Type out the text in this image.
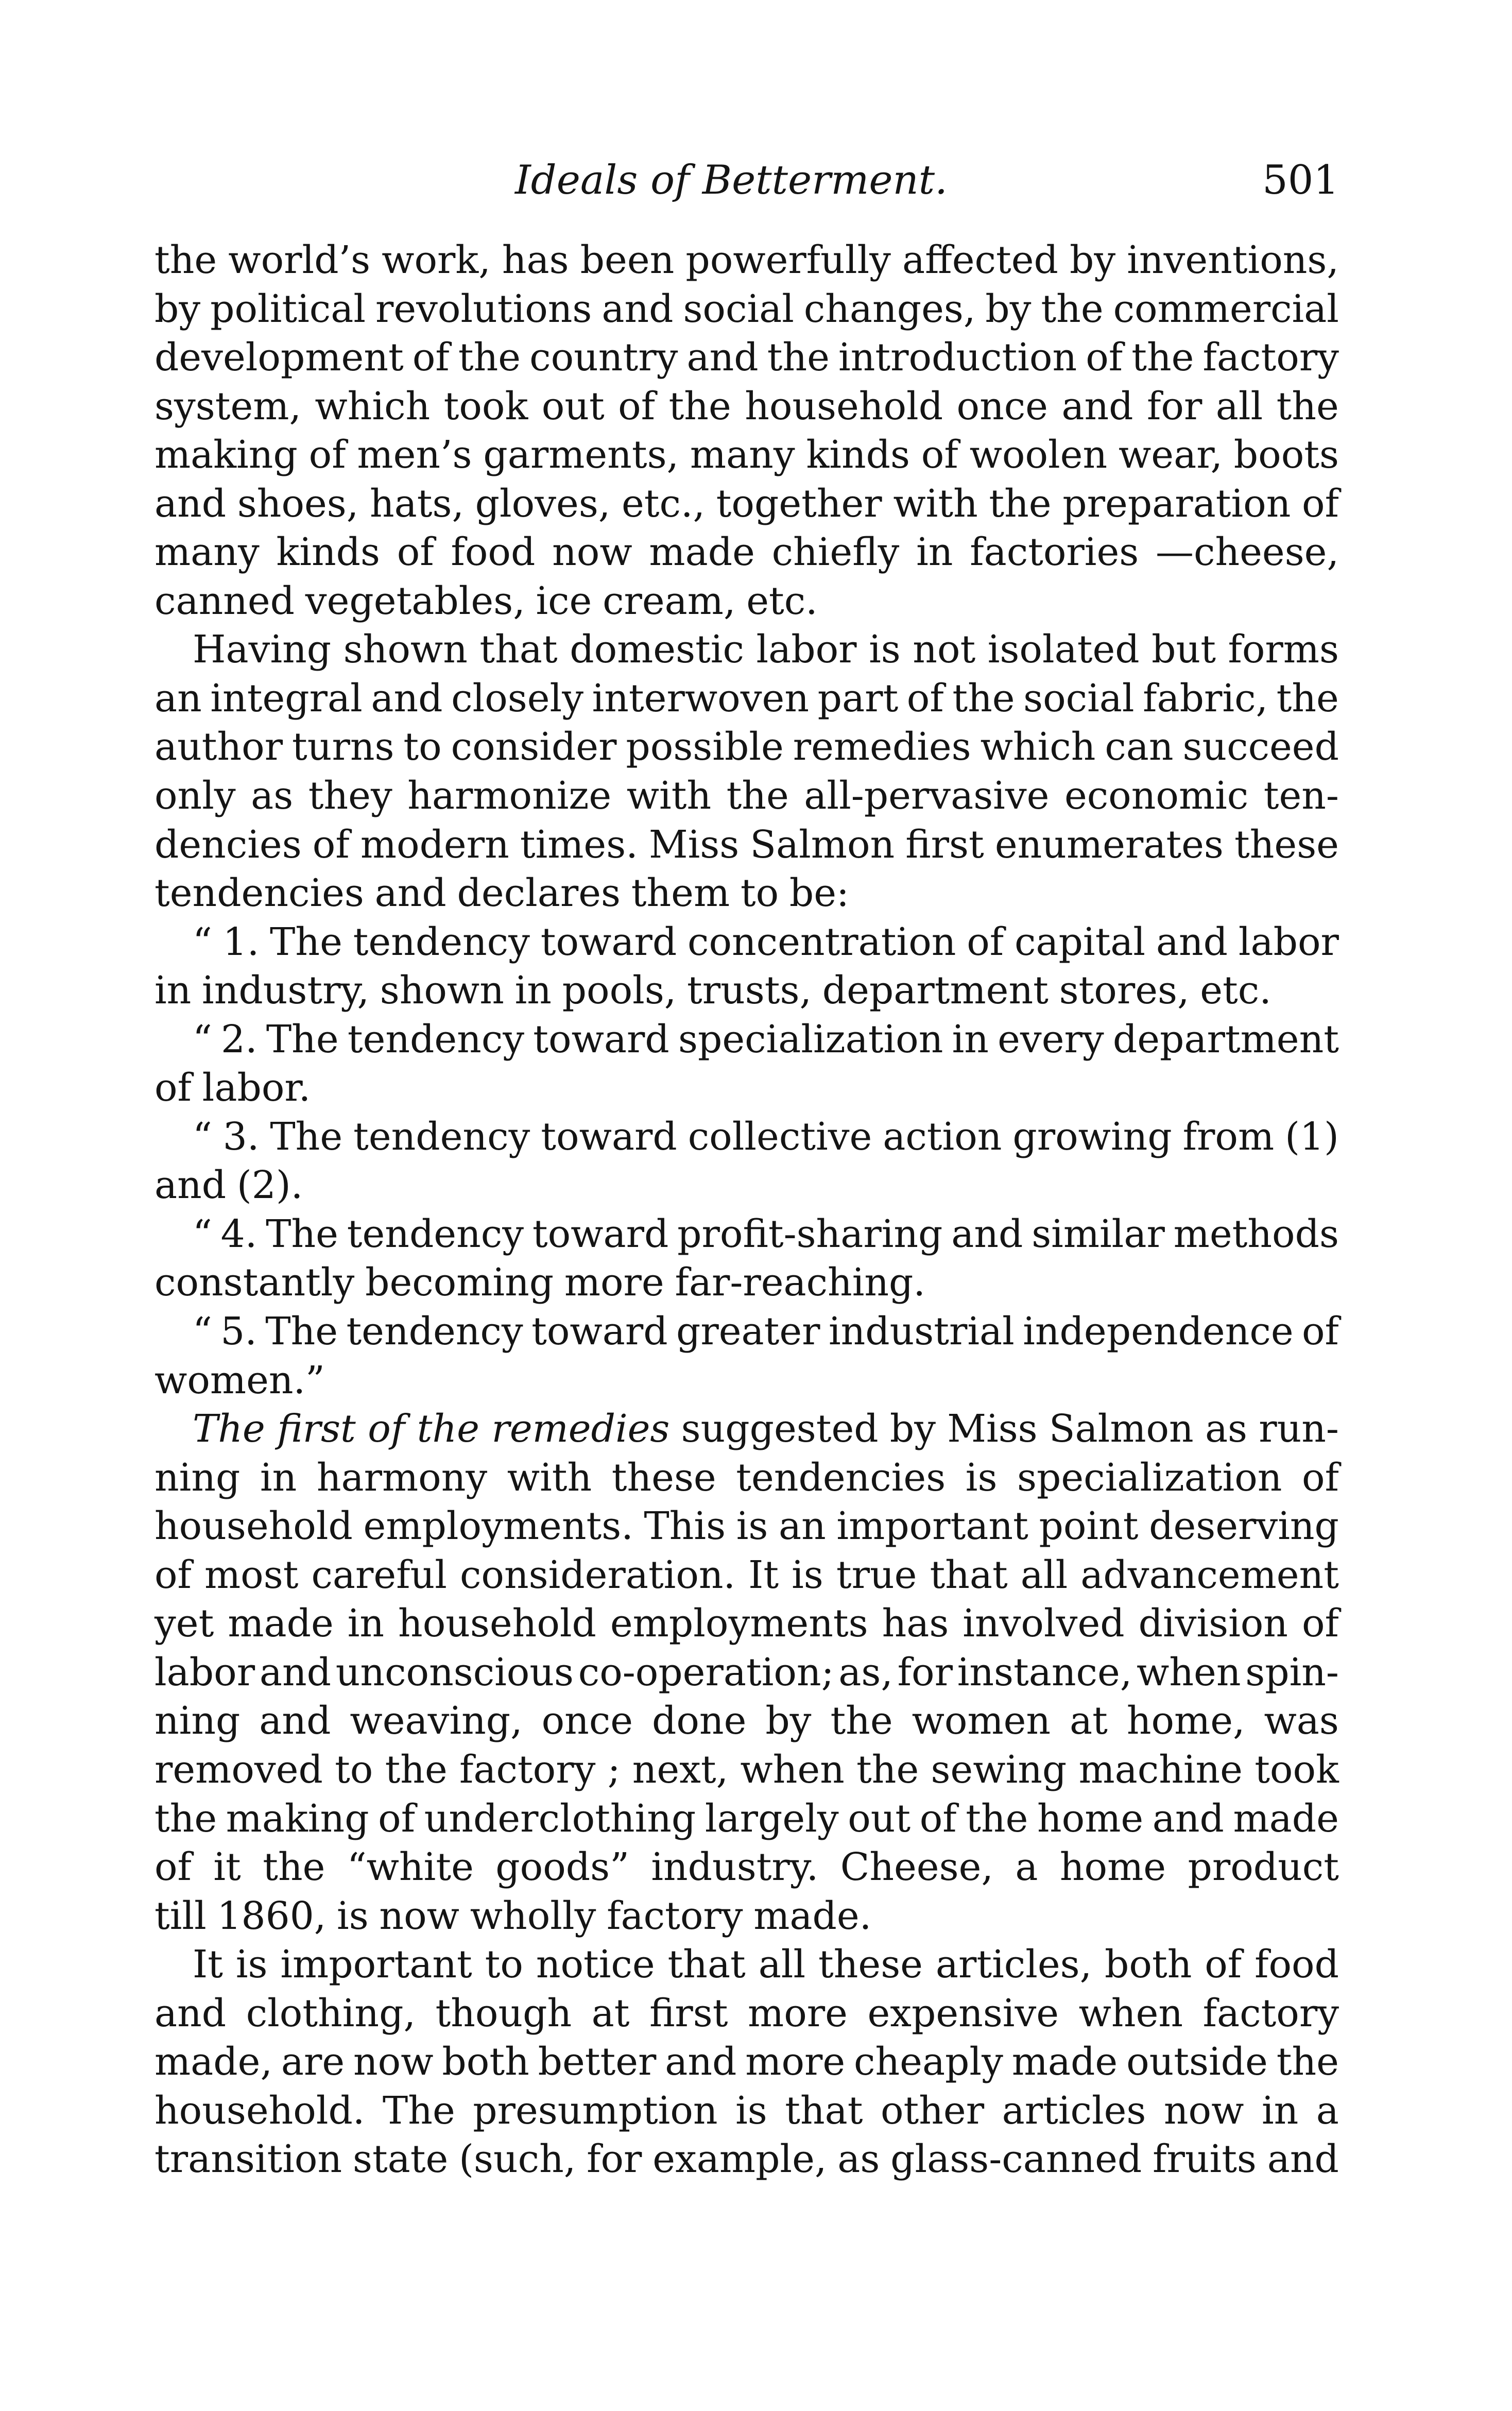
Ideals of Betterment.	501
the world’s work, has been powerfully affected by inventions,
by political revolutions and social changes, by the commercial
development of the country and the introduction of the factory
system, which took out of the household once and for all the
making of men’s garments, many kinds of woolen wear, boots
and shoes, hats, gloves, etc., together with the preparation of
many kinds of food now made chiefly in factories —cheese,
canned vegetables, ice cream, etc.
Having shown that domestic labor is not isolated but forms
an integral and closely interwoven part of the social fabric, the
author turns to consider possible remedies which can succeed
only as they harmonize with the all-pervasive economic ten-
dencies of modern times. Miss Salmon first enumerates these
tendencies and declares them to be:
“ 1. The tendency toward concentration of capital and labor
in industry, shown in pools, trusts, department stores, etc.
“ 2. The tendency toward specialization in every department
of labor.
“ 3. The tendency toward collective action growing from (1)
and (2).
“ 4. The tendency toward profit-sharing and similar methods
constantly becoming more far-reaching.
“ 5. The tendency toward greater industrial independence of
women.”
The first of the remedies suggested by Miss Salmon as run-
ning in harmony with these tendencies is specialization of
household employments. This is an important point deserving
of most careful consideration. It is true that all advancement
yet made in household employments has involved division of
labor and unconscious co-operation; as, for instance, when spin-
ning and weaving, once done by the women at home, was
removed to the factory ; next, when the sewing machine took
the making of underclothing largely out of the home and made
of it the “white goods” industry. Cheese, a home product
till 1860, is now wholly factory made.
It is important to notice that all these articles, both of food
and clothing, though at first more expensive when factory
made, are now both better and more cheaply made outside the
household. The presumption is that other articles now in a
transition state (such, for example, as glass-canned fruits and
